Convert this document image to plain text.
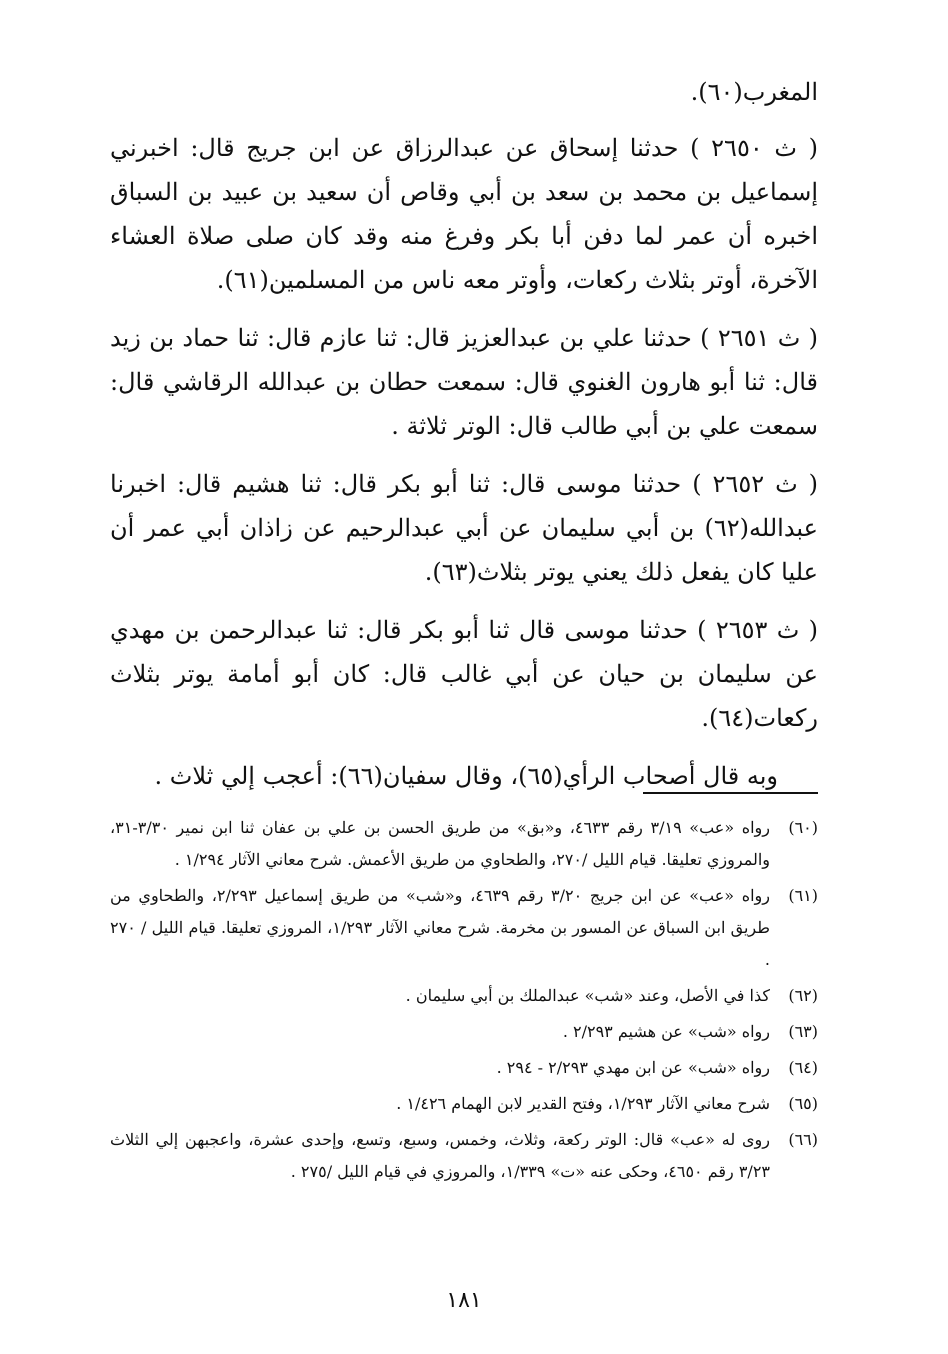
المغرب(٦٠).

( ث ٢٦٥٠ ) حدثنا إسحاق عن عبدالرزاق عن ابن جريج قال: اخبرني إسماعيل بن محمد بن سعد بن أبي وقاص أن سعيد بن عبيد بن السباق اخبره أن عمر لما دفن أبا بكر وفرغ منه وقد كان صلى صلاة العشاء الآخرة، أوتر بثلاث ركعات، وأوتر معه ناس من المسلمين(٦١).

( ث ٢٦٥١ ) حدثنا علي بن عبدالعزيز قال: ثنا عازم قال: ثنا حماد بن زيد قال: ثنا أبو هارون الغنوي قال: سمعت حطان بن عبدالله الرقاشي قال: سمعت علي بن أبي طالب قال: الوتر ثلاثة .

( ث ٢٦٥٢ ) حدثنا موسى قال: ثنا أبو بكر قال: ثنا هشيم قال: اخبرنا عبدالله(٦٢) بن أبي سليمان عن أبي عبدالرحيم عن زاذان أبي عمر أن عليا كان يفعل ذلك يعني يوتر بثلاث(٦٣).

( ث ٢٦٥٣ ) حدثنا موسى قال ثنا أبو بكر قال: ثنا عبدالرحمن بن مهدي عن سليمان بن حيان عن أبي غالب قال: كان أبو أمامة يوتر بثلاث ركعات(٦٤).

وبه قال أصحاب الرأي(٦٥)، وقال سفيان(٦٦): أعجب إلي ثلاث .

(٦٠)
رواه «عب» ٣/١٩ رقم ٤٦٣٣، و«بق» من طريق الحسن بن علي بن عفان ثنا ابن نمير ٣/٣٠-٣١، والمروزي تعليقا. قيام الليل /٢٧٠، والطحاوي من طريق الأعمش. شرح معاني الآثار ١/٢٩٤ .
(٦١)
رواه «عب» عن ابن جريج ٣/٢٠ رقم ٤٦٣٩، و«شب» من طريق إسماعيل ٢/٢٩٣، والطحاوي من طريق ابن السباق عن المسور بن مخرمة. شرح معاني الآثار ١/٢٩٣، المروزي تعليقا. قيام الليل / ٢٧٠ .
(٦٢)
كذا في الأصل، وعند «شب» عبدالملك بن أبي سليمان .
(٦٣)
رواه «شب» عن هشيم ٢/٢٩٣ .
(٦٤)
رواه «شب» عن ابن مهدي ٢/٢٩٣ - ٢٩٤ .
(٦٥)
شرح معاني الآثار ١/٢٩٣، وفتح القدير لابن الهمام ١/٤٢٦ .
(٦٦)
روى له «عب» قال: الوتر ركعة، وثلاث، وخمس، وسبع، وتسع، وإحدى عشرة، واعجبهن إلي الثلاث ٣/٢٣ رقم ٤٦٥٠، وحكى عنه «ت» ١/٣٣٩، والمروزي في قيام الليل /٢٧٥ .
١٨١
